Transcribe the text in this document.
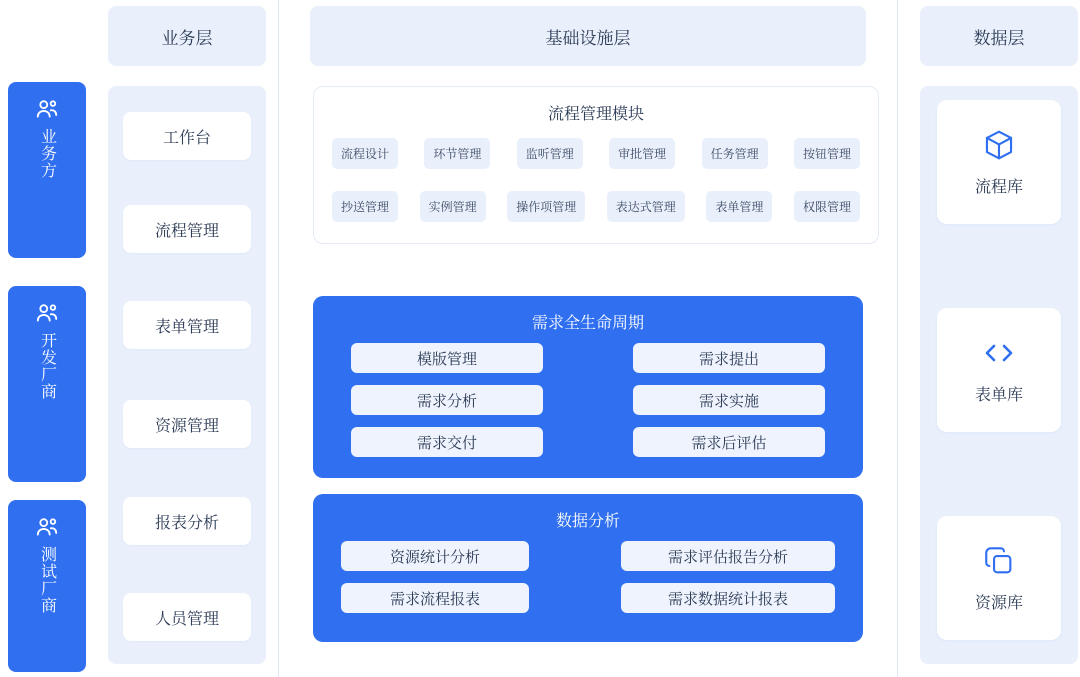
业务层	基础设施层	数据层
业务方
开发厂商
测试厂商
工作台
流程管理
表单管理
资源管理
报表分析
人员管理
流程管理模块
流程设计	环节管理	监听管理	审批管理	任务管理	按钮管理
抄送管理	实例管理	操作项管理	表达式管理	表单管理	权限管理
需求全生命周期
模版管理	需求提出
需求分析	需求实施
需求交付	需求后评估
数据分析
资源统计分析	需求评估报告分析
需求流程报表	需求数据统计报表
流程库
表单库
资源库
